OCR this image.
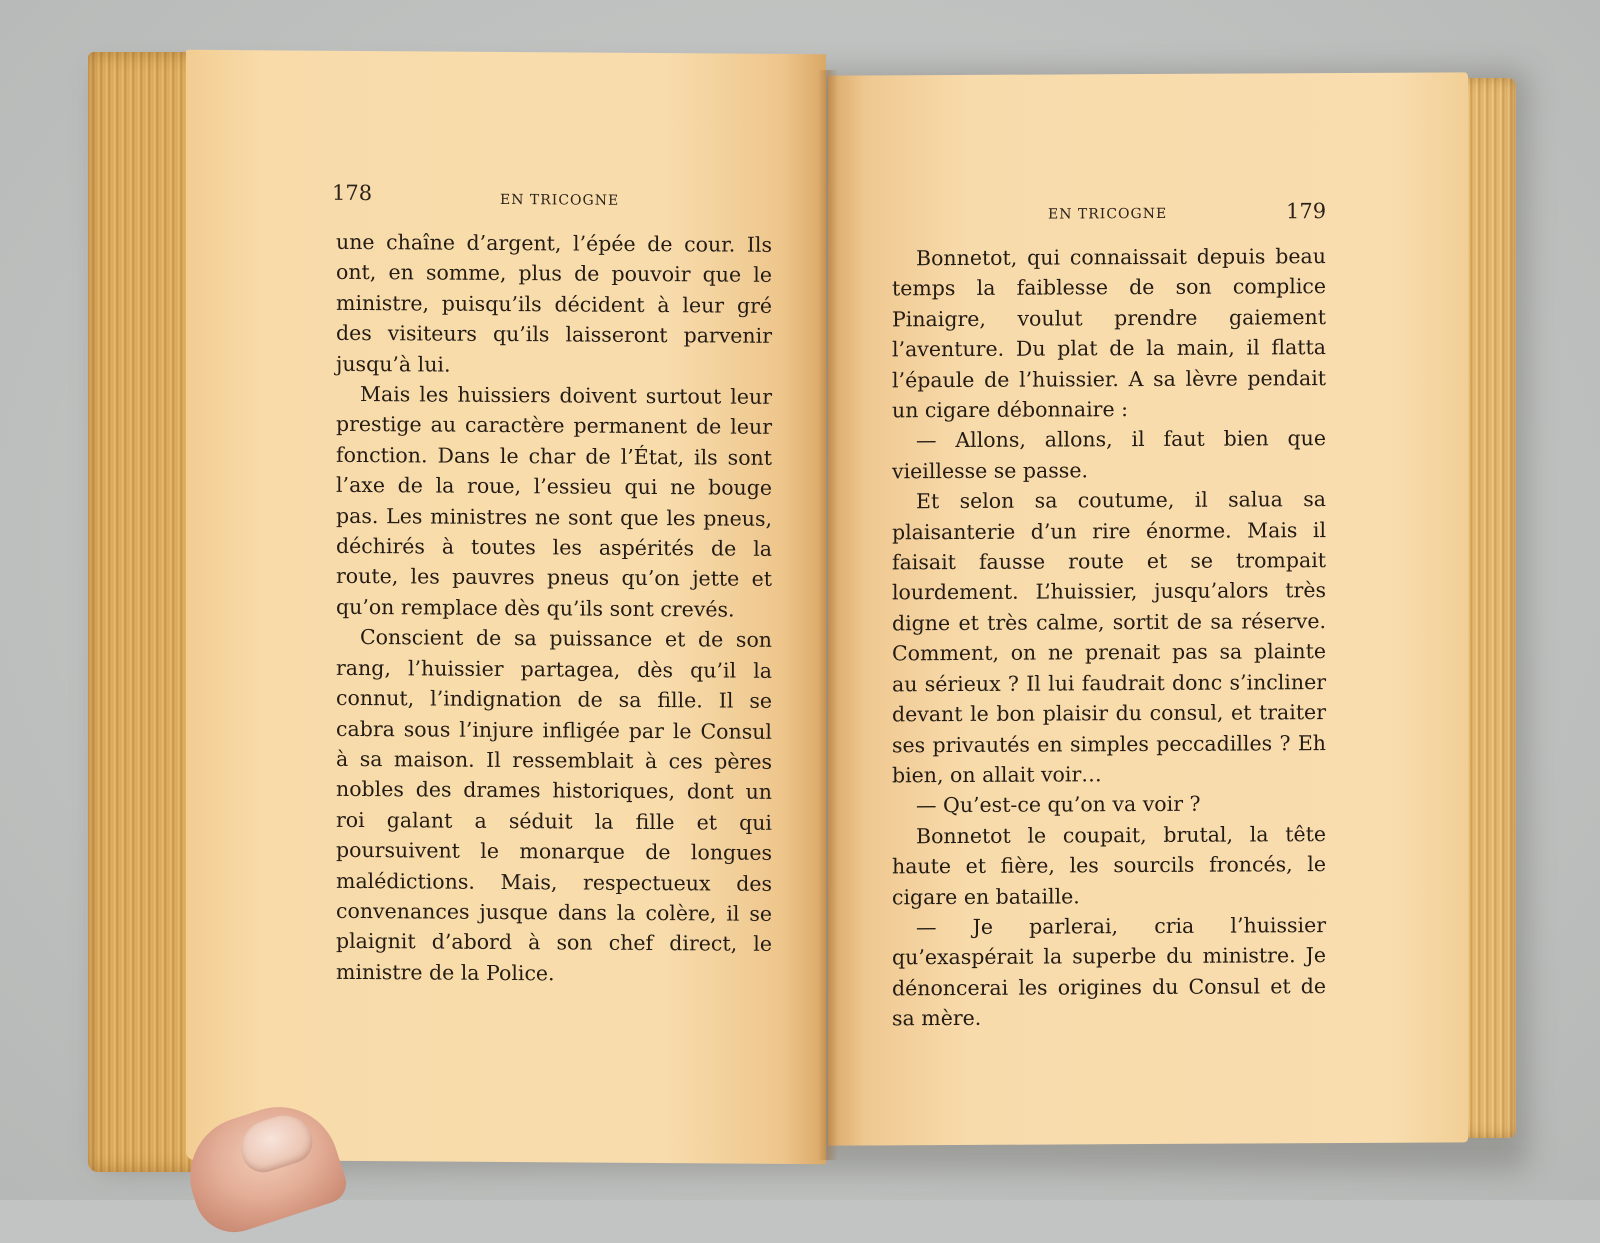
178	EN TRICOGNE

une chaîne d’argent, l’épée de cour. Ils ont, en somme, plus de pouvoir que le ministre, puisqu’ils décident à leur gré des visiteurs qu’ils laisseront parvenir jusqu’à lui.

Mais les huissiers doivent surtout leur prestige au caractère permanent de leur fonction. Dans le char de l’État, ils sont l’axe de la roue, l’essieu qui ne bouge pas. Les ministres ne sont que les pneus, déchirés à toutes les aspérités de la route, les pauvres pneus qu’on jette et qu’on remplace dès qu’ils sont crevés.

Conscient de sa puissance et de son rang, l’huissier partagea, dès qu’il la connut, l’indignation de sa fille. Il se cabra sous l’injure infligée par le Consul à sa maison. Il ressemblait à ces pères nobles des drames historiques, dont un roi galant a séduit la fille et qui poursuivent le monarque de longues malédictions. Mais, respectueux des convenances jusque dans la colère, il se plaignit d’abord à son chef direct, le ministre de la Police.

EN TRICOGNE	179

Bonnetot, qui connaissait depuis beau temps la faiblesse de son complice Pinaigre, voulut prendre gaiement l’aventure. Du plat de la main, il flatta l’épaule de l’huissier. A sa lèvre pendait un cigare débonnaire :

— Allons, allons, il faut bien que vieillesse se passe.

Et selon sa coutume, il salua sa plaisanterie d’un rire énorme. Mais il faisait fausse route et se trompait lourdement. L’huissier, jusqu’alors très digne et très calme, sortit de sa réserve. Comment, on ne prenait pas sa plainte au sérieux ? Il lui faudrait donc s’incliner devant le bon plaisir du consul, et traiter ses privautés en simples peccadilles ? Eh bien, on allait voir…

— Qu’est-ce qu’on va voir ?

Bonnetot le coupait, brutal, la tête haute et fière, les sourcils froncés, le cigare en bataille.

— Je parlerai, cria l’huissier qu’exaspérait la superbe du ministre. Je dénoncerai les origines du Consul et de sa mère.
